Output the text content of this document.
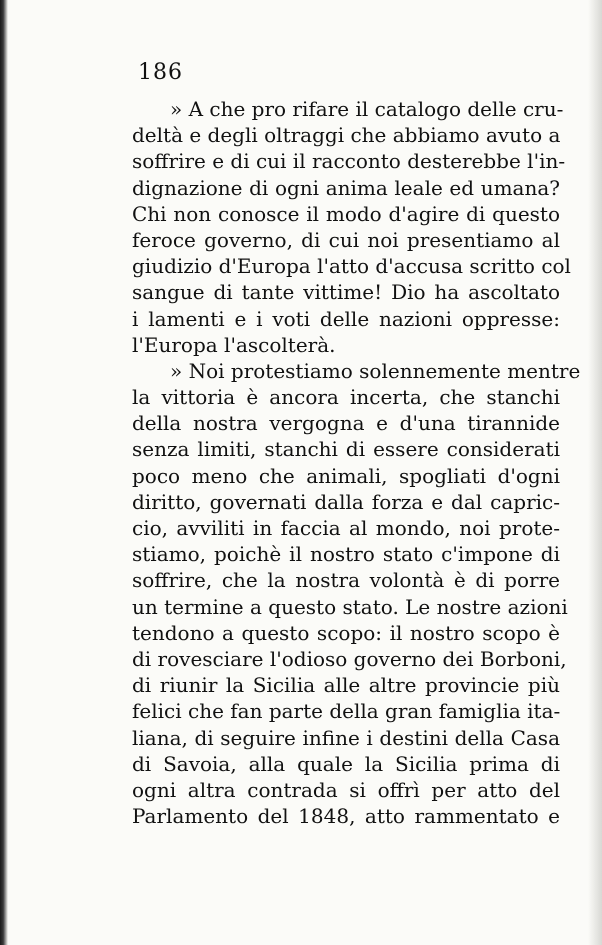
186
» A che pro rifare il catalogo delle cru-
deltà e degli oltraggi che abbiamo avuto a
soffrire e di cui il racconto desterebbe l'in-
dignazione di ogni anima leale ed umana?
Chi non conosce il modo d'agire di questo
feroce governo, di cui noi presentiamo al
giudizio d'Europa l'atto d'accusa scritto col
sangue di tante vittime! Dio ha ascoltato
i lamenti e i voti delle nazioni oppresse:
l'Europa l'ascolterà.
» Noi protestiamo solennemente mentre
la vittoria è ancora incerta, che stanchi
della nostra vergogna e d'una tirannide
senza limiti, stanchi di essere considerati
poco meno che animali, spogliati d'ogni
diritto, governati dalla forza e dal capric-
cio, avviliti in faccia al mondo, noi prote-
stiamo, poichè il nostro stato c'impone di
soffrire, che la nostra volontà è di porre
un termine a questo stato. Le nostre azioni
tendono a questo scopo: il nostro scopo è
di rovesciare l'odioso governo dei Borboni,
di riunir la Sicilia alle altre provincie più
felici che fan parte della gran famiglia ita-
liana, di seguire infine i destini della Casa
di Savoia, alla quale la Sicilia prima di
ogni altra contrada si offrì per atto del
Parlamento del 1848, atto rammentato e
